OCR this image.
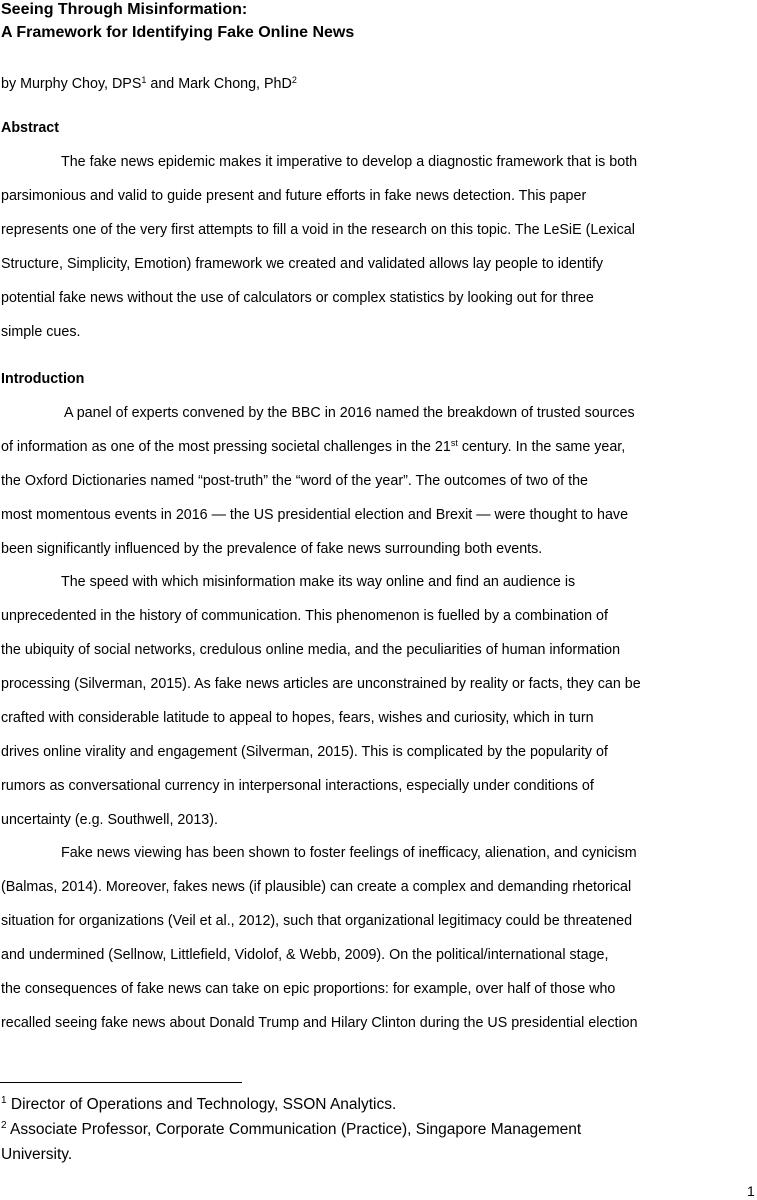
Seeing Through Misinformation:
A Framework for Identifying Fake Online News
by Murphy Choy, DPS$^1$ and Mark Chong, PhD$^2$
Abstract
The fake news epidemic makes it imperative to develop a diagnostic framework that is both
parsimonious and valid to guide present and future efforts in fake news detection. This paper
represents one of the very first attempts to fill a void in the research on this topic. The LeSiE (Lexical
Structure, Simplicity, Emotion) framework we created and validated allows lay people to identify
potential fake news without the use of calculators or complex statistics by looking out for three
simple cues.
Introduction
A panel of experts convened by the BBC in 2016 named the breakdown of trusted sources
of information as one of the most pressing societal challenges in the 21st century. In the same year,
the Oxford Dictionaries named “post-truth” the “word of the year”. The outcomes of two of the
most momentous events in 2016 — the US presidential election and Brexit — were thought to have
been significantly influenced by the prevalence of fake news surrounding both events.
The speed with which misinformation make its way online and find an audience is
unprecedented in the history of communication. This phenomenon is fuelled by a combination of
the ubiquity of social networks, credulous online media, and the peculiarities of human information
processing (Silverman, 2015). As fake news articles are unconstrained by reality or facts, they can be
crafted with considerable latitude to appeal to hopes, fears, wishes and curiosity, which in turn
drives online virality and engagement (Silverman, 2015). This is complicated by the popularity of
rumors as conversational currency in interpersonal interactions, especially under conditions of
uncertainty (e.g. Southwell, 2013).
Fake news viewing has been shown to foster feelings of inefficacy, alienation, and cynicism
(Balmas, 2014). Moreover, fakes news (if plausible) can create a complex and demanding rhetorical
situation for organizations (Veil et al., 2012), such that organizational legitimacy could be threatened
and undermined (Sellnow, Littlefield, Vidolof, & Webb, 2009). On the political/international stage,
the consequences of fake news can take on epic proportions: for example, over half of those who
recalled seeing fake news about Donald Trump and Hilary Clinton during the US presidential election
$^1$ Director of Operations and Technology, SSON Analytics.
$^2$ Associate Professor, Corporate Communication (Practice), Singapore Management
University.
1
